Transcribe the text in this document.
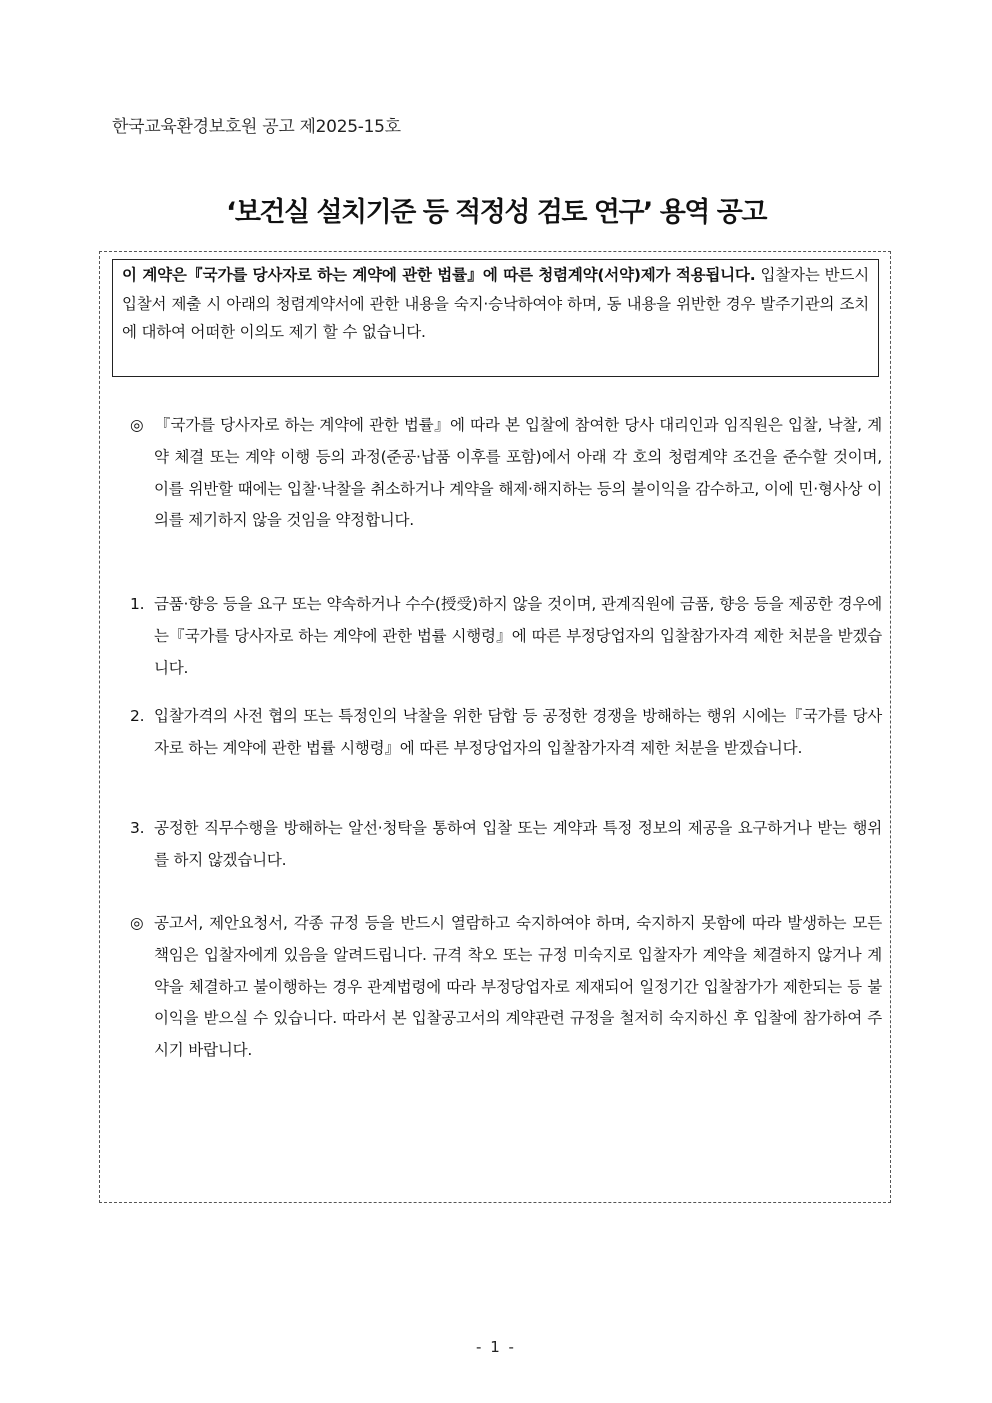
한국교육환경보호원 공고 제2025-15호
‘보건실 설치기준 등 적정성 검토 연구’ 용역 공고
이 계약은『국가를 당사자로 하는 계약에 관한 법률』에 따른 청렴계약(서약)제가 적용됩니다. 입찰자는 반드시 입찰서 제출 시 아래의 청렴계약서에 관한 내용을 숙지·승낙하여야 하며, 동 내용을 위반한 경우 발주기관의 조치에 대하여 어떠한 이의도 제기 할 수 없습니다.
◎ 『국가를 당사자로 하는 계약에 관한 법률』에 따라 본 입찰에 참여한 당사 대리인과 임직원은 입찰, 낙찰, 계약 체결 또는 계약 이행 등의 과정(준공·납품 이후를 포함)에서 아래 각 호의 청렴계약 조건을 준수할 것이며, 이를 위반할 때에는 입찰·낙찰을 취소하거나 계약을 해제·해지하는 등의 불이익을 감수하고, 이에 민·형사상 이의를 제기하지 않을 것임을 약정합니다.
1. 금품·향응 등을 요구 또는 약속하거나 수수(授受)하지 않을 것이며, 관계직원에 금품, 향응 등을 제공한 경우에는『국가를 당사자로 하는 계약에 관한 법률 시행령』에 따른 부정당업자의 입찰참가자격 제한 처분을 받겠습니다.
2. 입찰가격의 사전 협의 또는 특정인의 낙찰을 위한 담합 등 공정한 경쟁을 방해하는 행위 시에는『국가를 당사자로 하는 계약에 관한 법률 시행령』에 따른 부정당업자의 입찰참가자격 제한 처분을 받겠습니다.
3. 공정한 직무수행을 방해하는 알선·청탁을 통하여 입찰 또는 계약과 특정 정보의 제공을 요구하거나 받는 행위를 하지 않겠습니다.
◎ 공고서, 제안요청서, 각종 규정 등을 반드시 열람하고 숙지하여야 하며, 숙지하지 못함에 따라 발생하는 모든 책임은 입찰자에게 있음을 알려드립니다. 규격 착오 또는 규정 미숙지로 입찰자가 계약을 체결하지 않거나 계약을 체결하고 불이행하는 경우 관계법령에 따라 부정당업자로 제재되어 일정기간 입찰참가가 제한되는 등 불이익을 받으실 수 있습니다. 따라서 본 입찰공고서의 계약관련 규정을 철저히 숙지하신 후 입찰에 참가하여 주시기 바랍니다.
- 1 -
